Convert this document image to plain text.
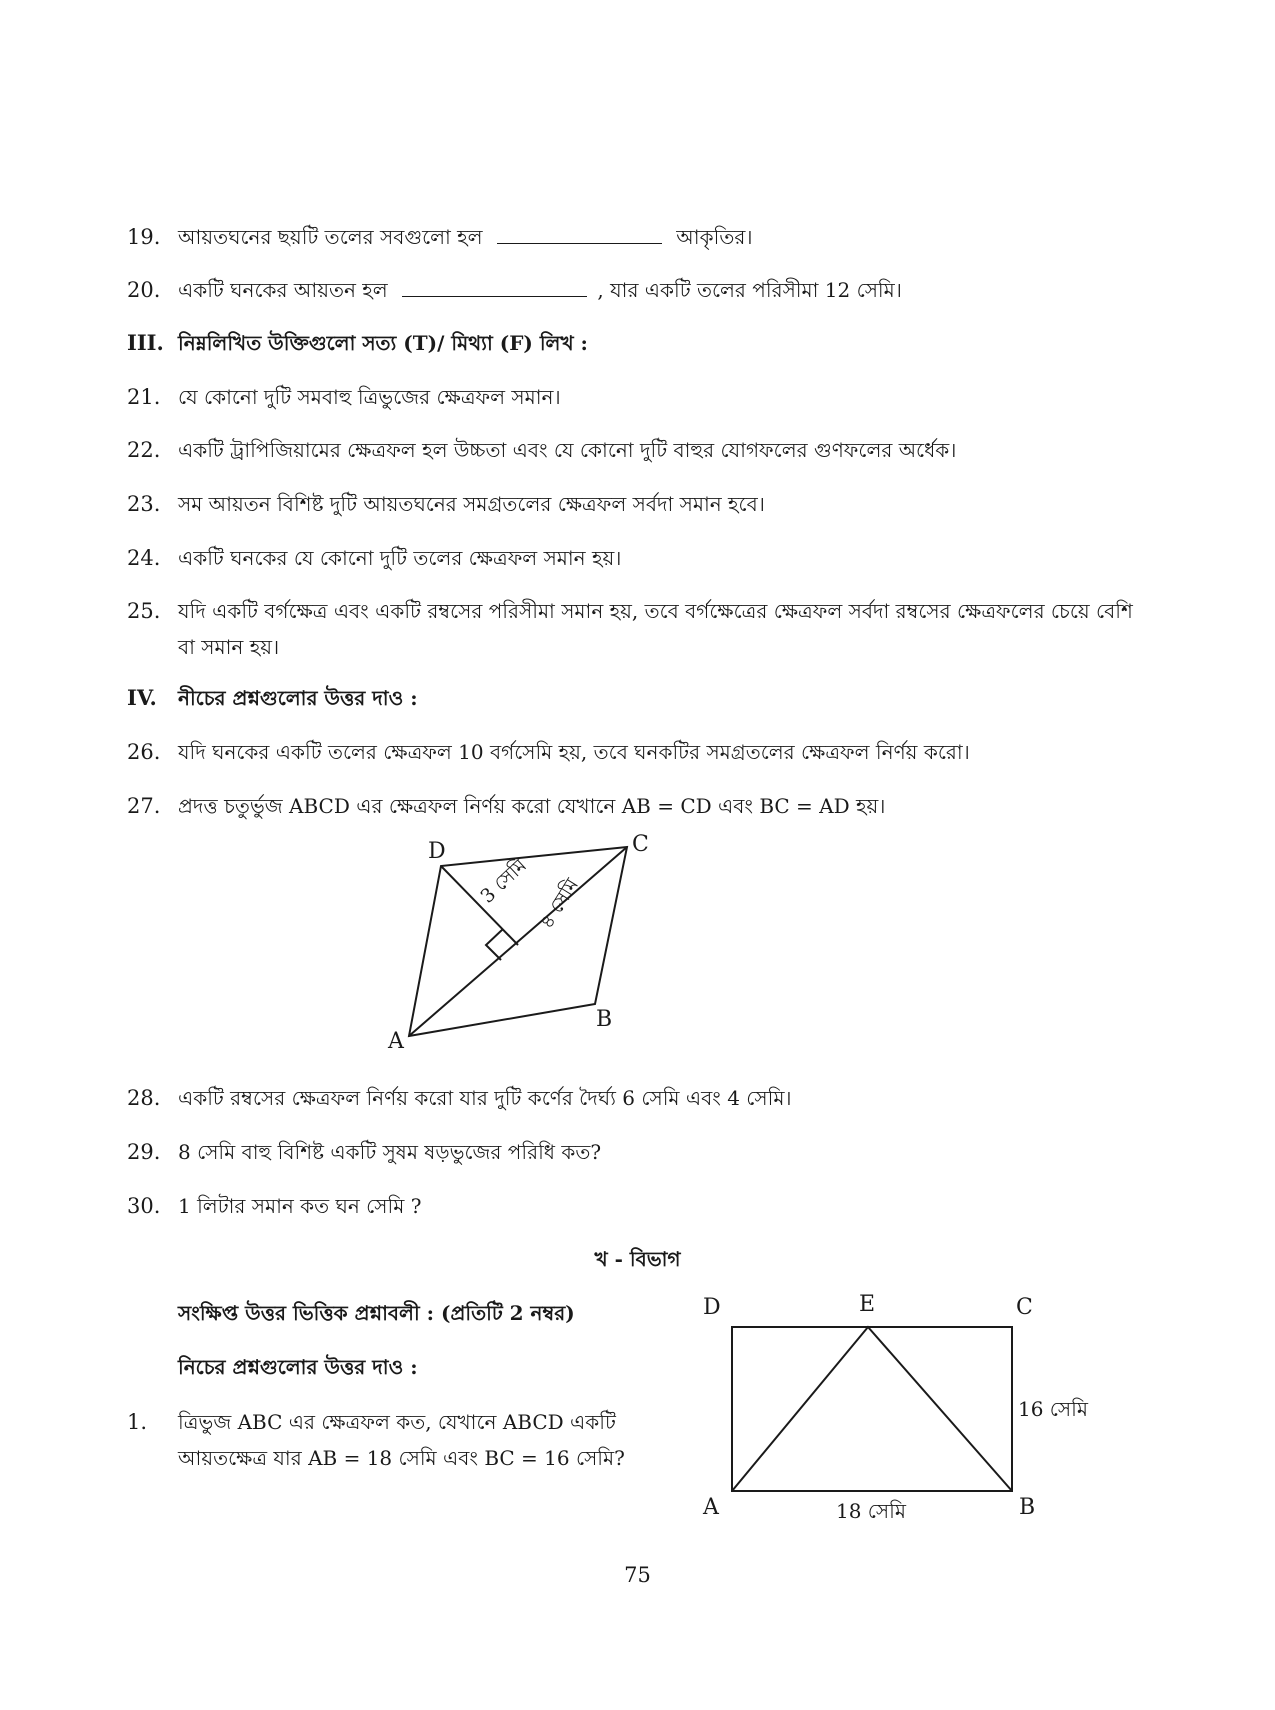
19. আয়তঘনের ছয়টি তলের সবগুলো হল	আকৃতির।
20. একটি ঘনকের আয়তন হল	, যার একটি তলের পরিসীমা 12 সেমি।
III. নিম্নলিখিত উক্তিগুলো সত্য (T)/ মিথ্যা (F) লিখ :
21. যে কোনো দুটি সমবাহু ত্রিভুজের ক্ষেত্রফল সমান।
22. একটি ট্রাপিজিয়ামের ক্ষেত্রফল হল উচ্চতা এবং যে কোনো দুটি বাহুর যোগফলের গুণফলের অর্ধেক।
23. সম আয়তন বিশিষ্ট দুটি আয়তঘনের সমগ্রতলের ক্ষেত্রফল সর্বদা সমান হবে।
24. একটি ঘনকের যে কোনো দুটি তলের ক্ষেত্রফল সমান হয়।
25. যদি একটি বর্গক্ষেত্র এবং একটি রম্বসের পরিসীমা সমান হয়, তবে বর্গক্ষেত্রের ক্ষেত্রফল সর্বদা রম্বসের ক্ষেত্রফলের চেয়ে বেশি বা সমান হয়।
IV. নীচের প্রশ্নগুলোর উত্তর দাও :
26. যদি ঘনকের একটি তলের ক্ষেত্রফল 10 বর্গসেমি হয়, তবে ঘনকটির সমগ্রতলের ক্ষেত্রফল নির্ণয় করো।
27. প্রদত্ত চতুর্ভুজ ABCD এর ক্ষেত্রফল নির্ণয় করো যেখানে AB = CD এবং BC = AD হয়।
D	C
A
B
3 সেমি ৪ সেমি
28. একটি রম্বসের ক্ষেত্রফল নির্ণয় করো যার দুটি কর্ণের দৈর্ঘ্য 6 সেমি এবং 4 সেমি।
29. 8 সেমি বাহু বিশিষ্ট একটি সুষম ষড়ভুজের পরিধি কত?
30. 1 লিটার সমান কত ঘন সেমি ?
খ - বিভাগ
সংক্ষিপ্ত উত্তর ভিত্তিক প্রশ্নাবলী : (প্রতিটি 2 নম্বর)
নিচের প্রশ্নগুলোর উত্তর দাও :
1. ত্রিভুজ ABC এর ক্ষেত্রফল কত, যেখানে ABCD একটি
আয়তক্ষেত্র যার AB = 18 সেমি এবং BC = 16 সেমি?
D	E	C
A	B
16 সেমি
18 সেমি
75
